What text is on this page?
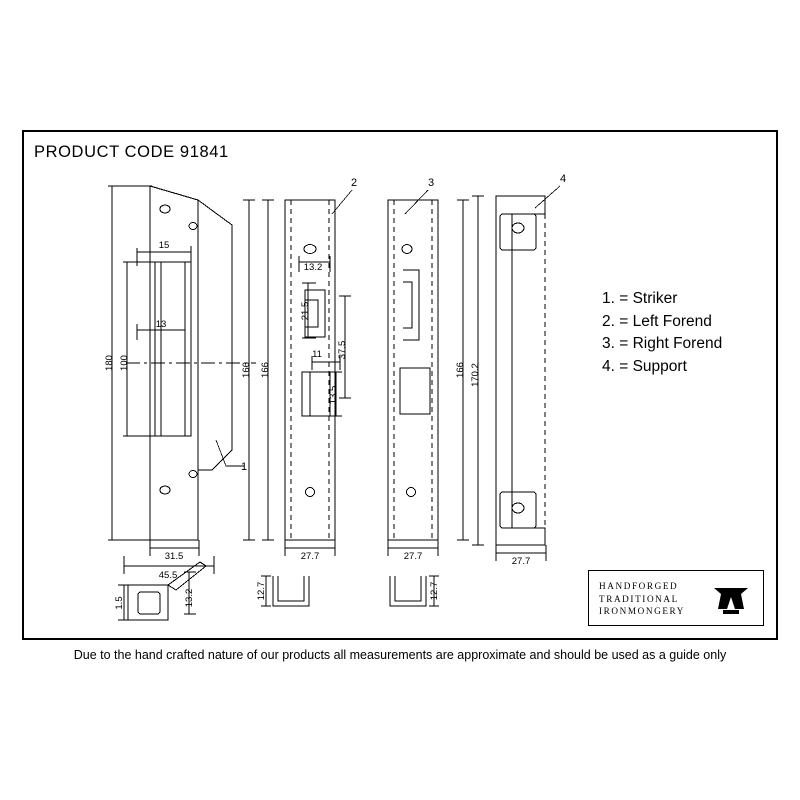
PRODUCT CODE 91841
15
13
180 100	166
31.5
45.5
1.5	13.2
13.2
21.5
37.5
11
13.5
166
27.7
12.7
166
27.7
12.7
170.2
27.7
1
2	3	4
1. = Striker
2. = Left Forend
3. = Right Forend
4. = Support
HANDFORGED
TRADITIONAL
IRONMONGERY
Due to the hand crafted nature of our products all measurements are approximate and should be used as a guide only
